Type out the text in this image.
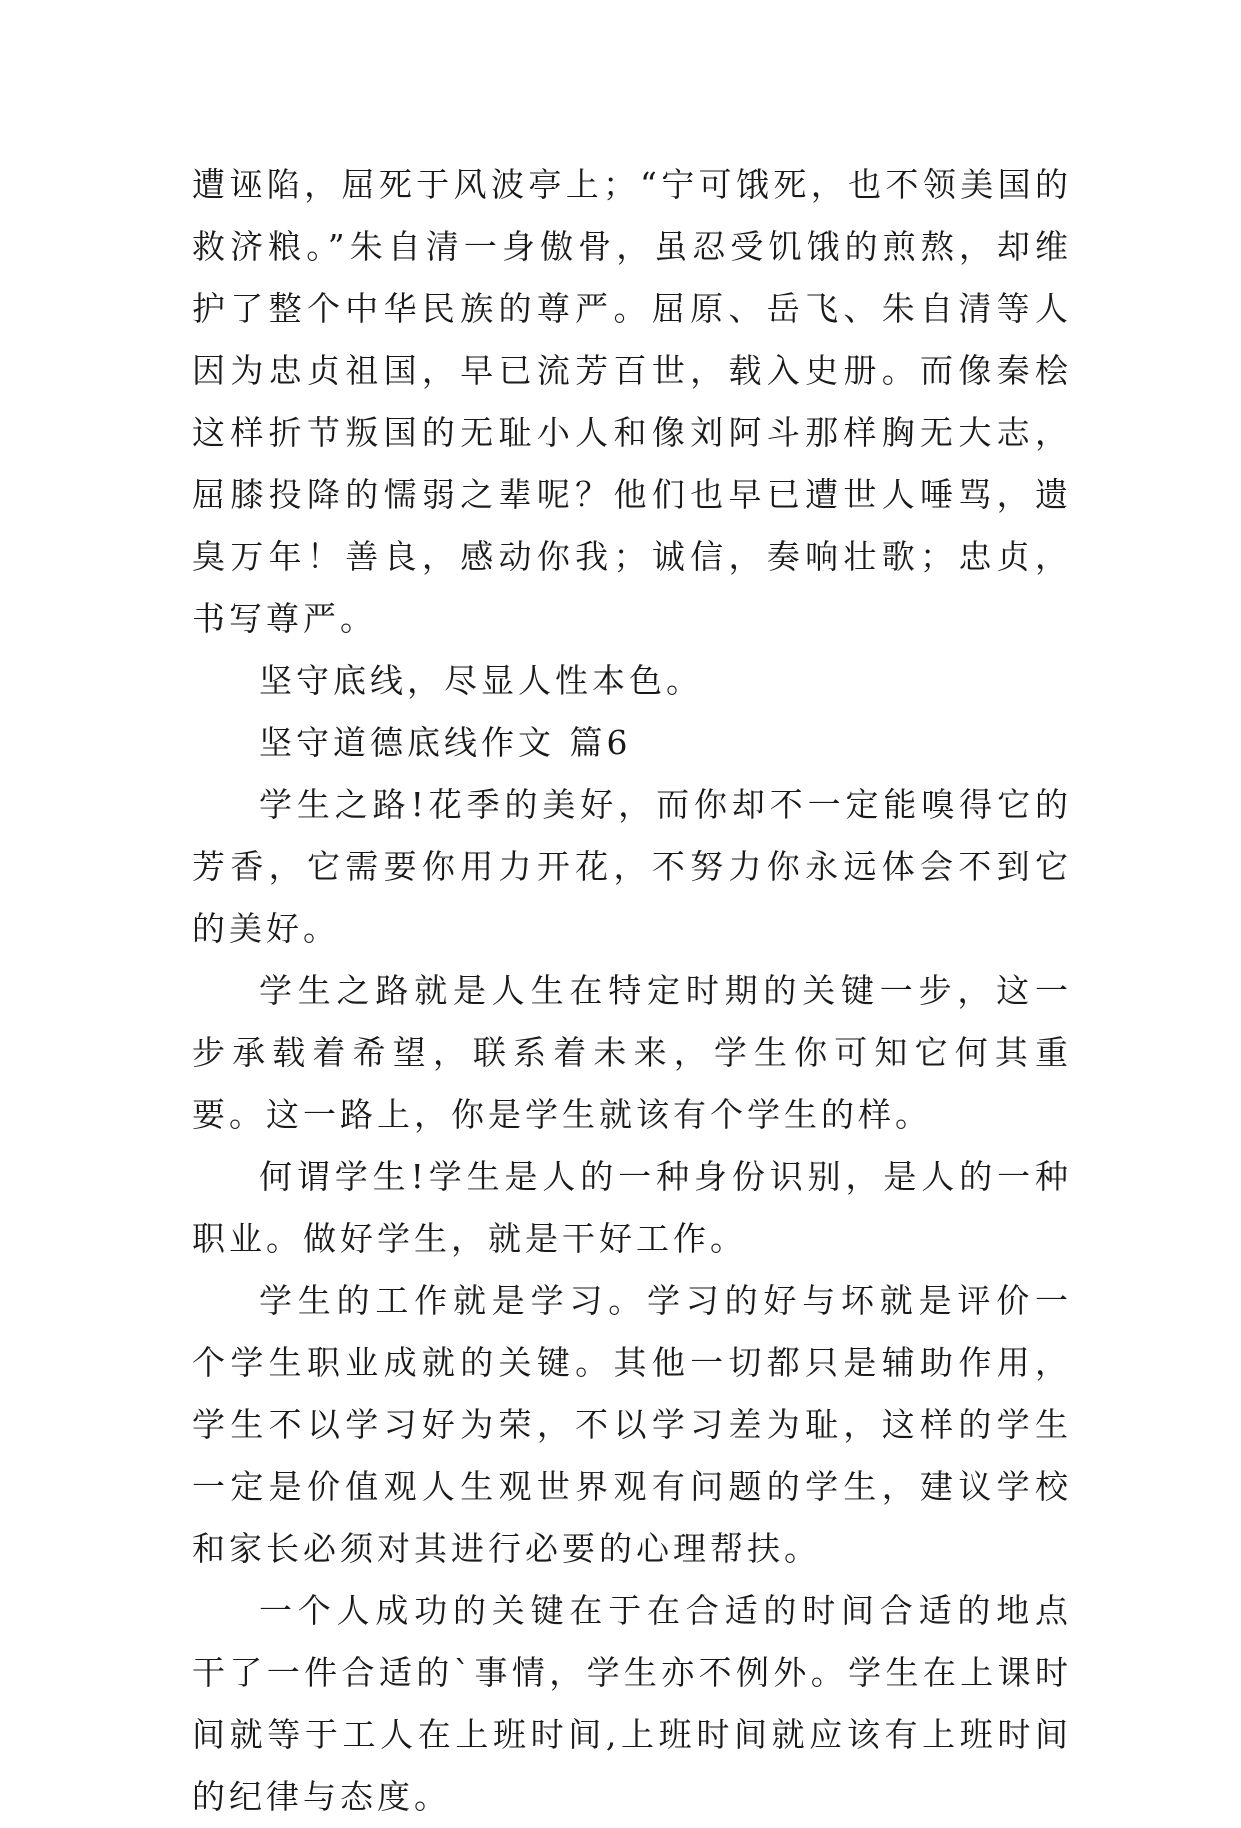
遭诬陷，屈死于风波亭上；“宁可饿死，也不领美国的救济粮。”朱自清一身傲骨，虽忍受饥饿的煎熬，却维护了整个中华民族的尊严。屈原、岳飞、朱自清等人因为忠贞祖国，早已流芳百世，载入史册。而像秦桧这样折节叛国的无耻小人和像刘阿斗那样胸无大志，屈膝投降的懦弱之辈呢？他们也早已遭世人唾骂，遗臭万年！善良，感动你我；诚信，奏响壮歌；忠贞，书写尊严。

坚守底线，尽显人性本色。

坚守道德底线作文 篇6

学生之路!花季的美好，而你却不一定能嗅得它的芳香，它需要你用力开花，不努力你永远体会不到它的美好。

学生之路就是人生在特定时期的关键一步，这一步承载着希望，联系着未来，学生你可知它何其重要。这一路上，你是学生就该有个学生的样。

何谓学生!学生是人的一种身份识别，是人的一种职业。做好学生，就是干好工作。

学生的工作就是学习。学习的好与坏就是评价一个学生职业成就的关键。其他一切都只是辅助作用，学生不以学习好为荣，不以学习差为耻，这样的学生一定是价值观人生观世界观有问题的学生，建议学校和家长必须对其进行必要的心理帮扶。

一个人成功的关键在于在合适的时间合适的地点干了一件合适的`事情，学生亦不例外。学生在上课时间就等于工人在上班时间,上班时间就应该有上班时间的纪律与态度。
